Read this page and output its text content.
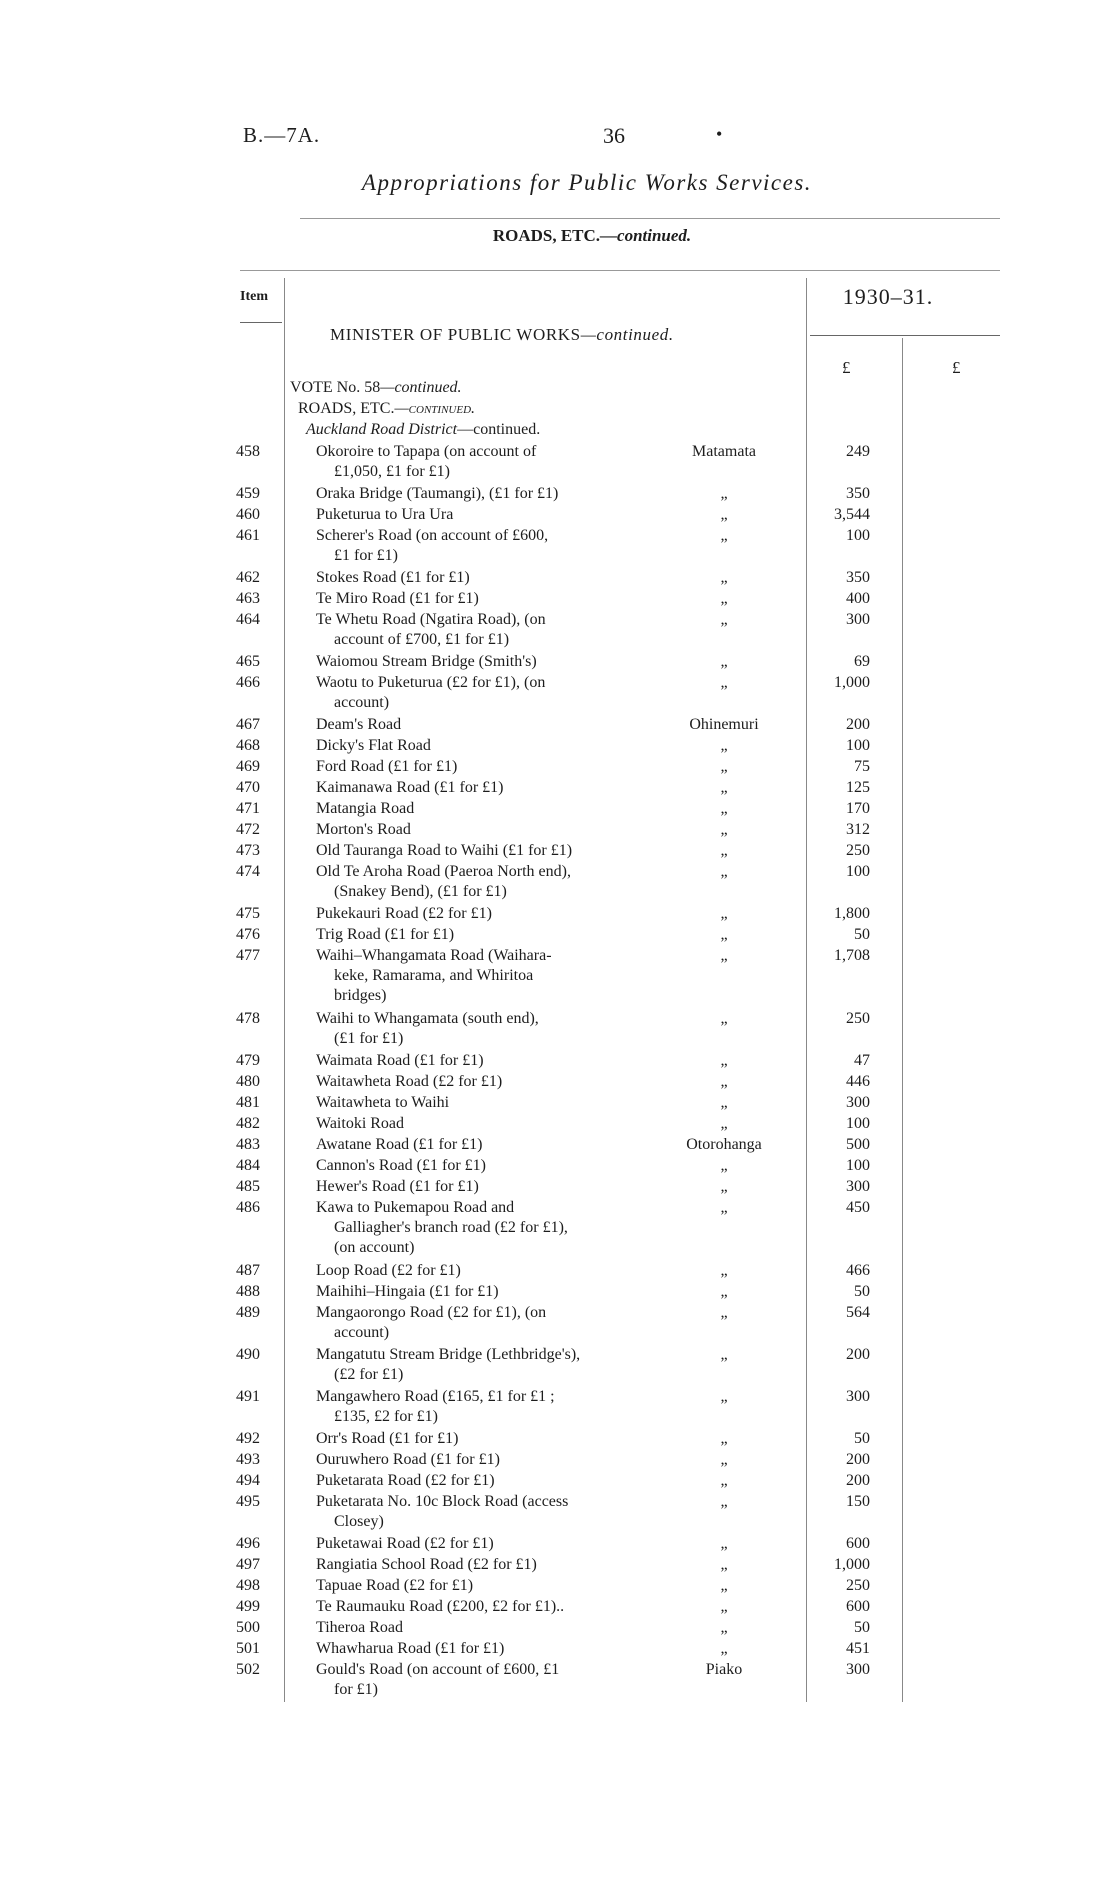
B.—7A.	36	•
Appropriations for Public Works Services.
ROADS, ETC.—continued.
Item	1930–31.
£	£
MINISTER OF PUBLIC WORKS—continued.
VOTE No. 58—continued.
ROADS, ETC.—continued.
Auckland Road District—continued.
458	Okoroire to Tapapa (on account of
£1,050, £1 for £1)
Matamata	249
459	Oraka Bridge (Taumangi), (£1 for £1)	„	350
460	Puketurua to Ura Ura	„	3,544
461	Scherer's Road (on account of £600,
£1 for £1)
„	100
462	Stokes Road (£1 for £1)	„	350
463	Te Miro Road (£1 for £1)	„	400
464	Te Whetu Road (Ngatira Road), (on
account of £700, £1 for £1)
„	300
465	Waiomou Stream Bridge (Smith's)	„	69
466	Waotu to Puketurua (£2 for £1), (on
account)
„	1,000
467	Deam's Road	Ohinemuri	200
468	Dicky's Flat Road	„	100
469	Ford Road (£1 for £1)	„	75
470	Kaimanawa Road (£1 for £1)	„	125
471	Matangia Road	„	170
472	Morton's Road	„	312
473	Old Tauranga Road to Waihi (£1 for £1)	„	250
474	Old Te Aroha Road (Paeroa North end),
(Snakey Bend), (£1 for £1)
„	100
475	Pukekauri Road (£2 for £1)	„	1,800
476	Trig Road (£1 for £1)	„	50
477	Waihi–Whangamata Road (Waihara-
keke, Ramarama, and Whiritoa
bridges)
„	1,708
478	Waihi to Whangamata (south end),
(£1 for £1)
„	250
479	Waimata Road (£1 for £1)	„	47
480	Waitawheta Road (£2 for £1)	„	446
481	Waitawheta to Waihi	„	300
482	Waitoki Road	„	100
483	Awatane Road (£1 for £1)	Otorohanga	500
484	Cannon's Road (£1 for £1)	„	100
485	Hewer's Road (£1 for £1)	„	300
486	Kawa to Pukemapou Road and
Galliagher's branch road (£2 for £1),
(on account)
„	450
487	Loop Road (£2 for £1)	„	466
488	Maihihi–Hingaia (£1 for £1)	„	50
489	Mangaorongo Road (£2 for £1), (on
account)
„	564
490	Mangatutu Stream Bridge (Lethbridge's),
(£2 for £1)
„	200
491	Mangawhero Road (£165, £1 for £1 ;
£135, £2 for £1)
„	300
492	Orr's Road (£1 for £1)	„	50
493	Ouruwhero Road (£1 for £1)	„	200
494	Puketarata Road (£2 for £1)	„	200
495	Puketarata No. 10c Block Road (access
Closey)
„	150
496	Puketawai Road (£2 for £1)	„	600
497	Rangiatia School Road (£2 for £1)	„	1,000
498	Tapuae Road (£2 for £1)	„	250
499	Te Raumauku Road (£200, £2 for £1)..	„	600
500	Tiheroa Road	„	50
501	Whawharua Road (£1 for £1)	„	451
502	Gould's Road (on account of £600, £1
for £1)
Piako	300
